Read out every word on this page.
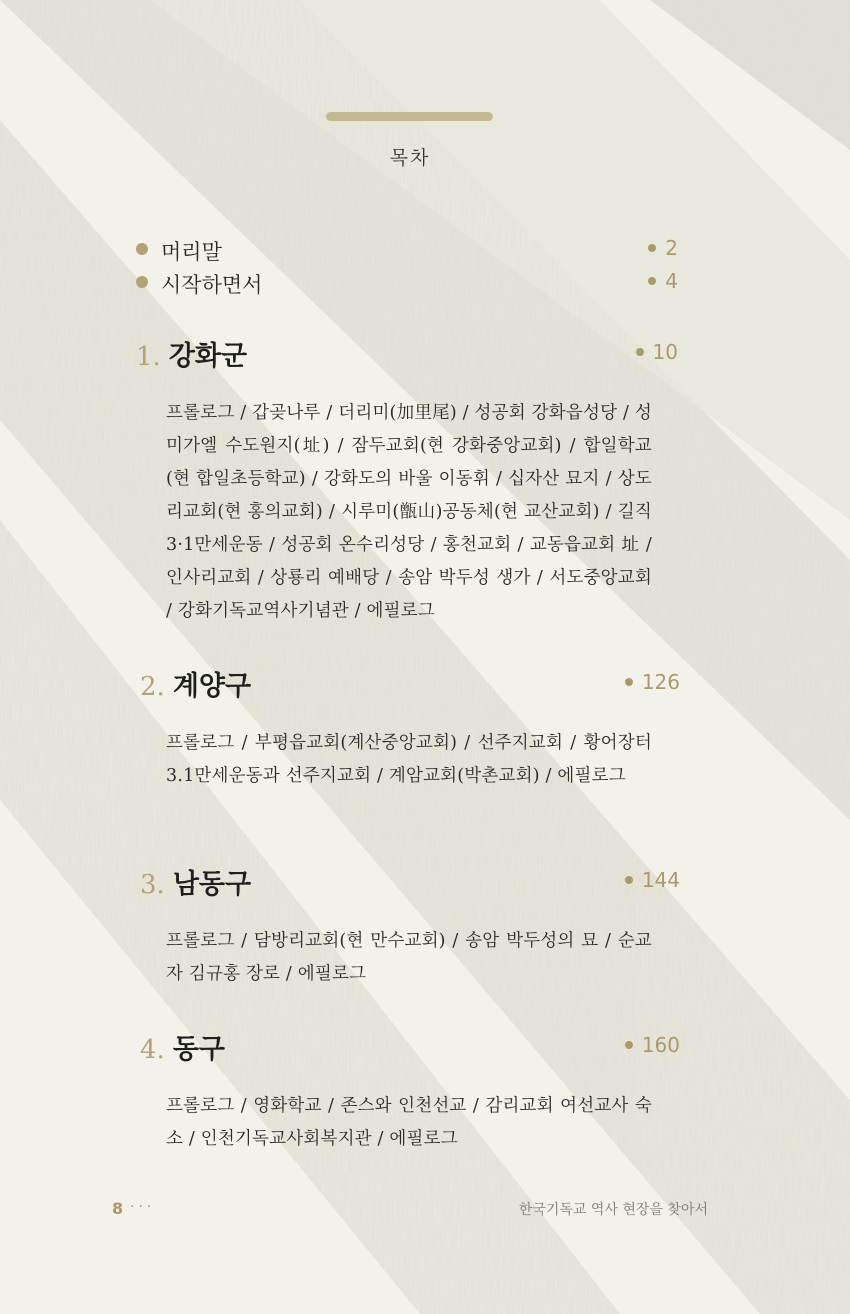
목차
머리말	2
시작하면서	4
1. 강화군	10
프롤로그 / 갑곶나루 / 더리미(加里尾) / 성공회 강화읍성당 / 성 미가엘 수도원지(址) / 잠두교회(현 강화중앙교회) / 합일학교(현 합일초등학교) / 강화도의 바울 이동휘 / 십자산 묘지 / 상도리교회(현 홍의교회) / 시루미(甑山)공동체(현 교산교회) / 길직3·1만세운동 / 성공회 온수리성당 / 홍천교회 / 교동읍교회 址 / 인사리교회 / 상룡리 예배당 / 송암 박두성 생가 / 서도중앙교회 / 강화기독교역사기념관 / 에필로그
2. 계양구	126
프롤로그 / 부평읍교회(계산중앙교회) / 선주지교회 / 황어장터3.1만세운동과 선주지교회 / 계암교회(박촌교회) / 에필로그
3. 남동구	144
프롤로그 / 담방리교회(현 만수교회) / 송암 박두성의 묘 / 순교자 김규홍 장로 / 에필로그
4. 동구	160
프롤로그 / 영화학교 / 존스와 인천선교 / 감리교회 여선교사 숙소 / 인천기독교사회복지관 / 에필로그
8 ···	한국기독교 역사 현장을 찾아서
